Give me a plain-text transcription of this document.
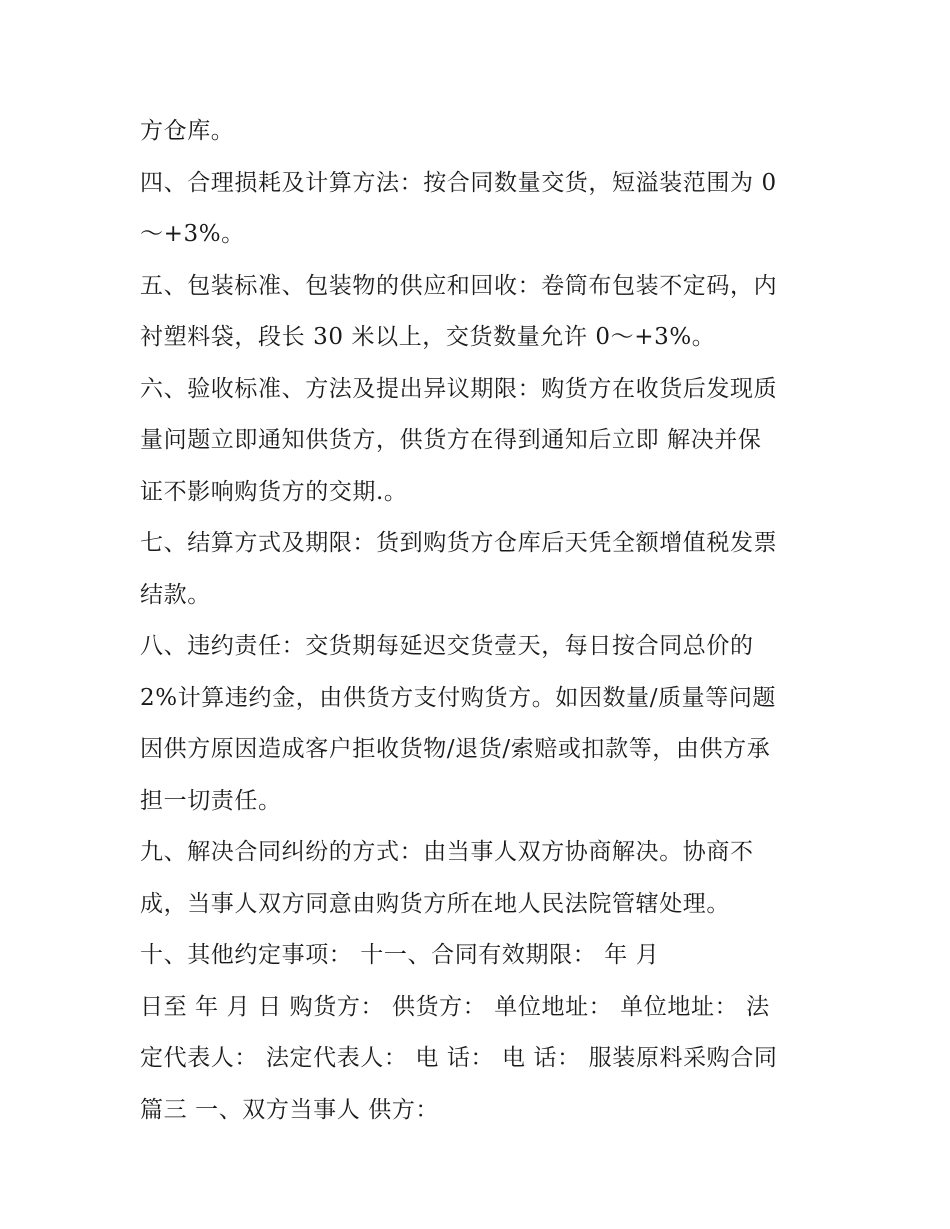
方仓库。
四、合理损耗及计算方法：按合同数量交货，短溢装范围为 0
～+3%。
五、包装标准、包装物的供应和回收：卷筒布包装不定码，内
衬塑料袋，段长 30 米以上，交货数量允许 0～+3%。
六、验收标准、方法及提出异议期限：购货方在收货后发现质
量问题立即通知供货方，供货方在得到通知后立即 解决并保
证不影响购货方的交期.。
七、结算方式及期限：货到购货方仓库后天凭全额增值税发票
结款。
八、违约责任：交货期每延迟交货壹天，每日按合同总价的
2%计算违约金，由供货方支付购货方。如因数量/质量等问题
因供方原因造成客户拒收货物/退货/索赔或扣款等，由供方承
担一切责任。
九、解决合同纠纷的方式：由当事人双方协商解决。协商不
成，当事人双方同意由购货方所在地人民法院管辖处理。
十、其他约定事项： 十一、合同有效期限： 年 月
日至 年 月 日 购货方： 供货方： 单位地址： 单位地址： 法
定代表人： 法定代表人： 电 话： 电 话： 服装原料采购合同
篇三 一、双方当事人 供方：
